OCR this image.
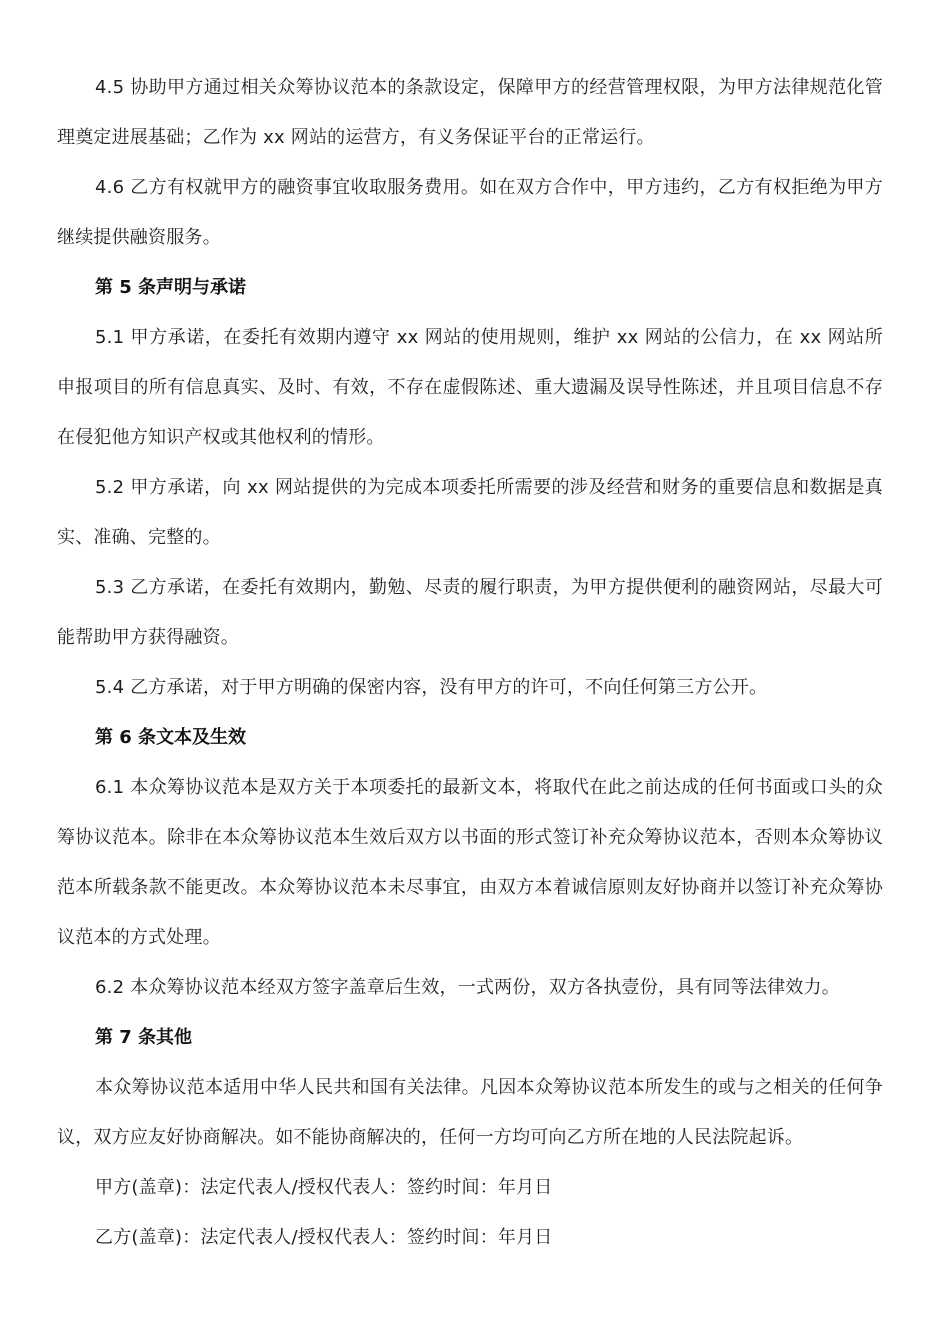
4.5 协助甲方通过相关众筹协议范本的条款设定，保障甲方的经营管理权限，为甲方法律规范化管理奠定进展基础；乙作为 xx 网站的运营方，有义务保证平台的正常运行。

4.6 乙方有权就甲方的融资事宜收取服务费用。如在双方合作中，甲方违约，乙方有权拒绝为甲方继续提供融资服务。

第 5 条声明与承诺

5.1 甲方承诺，在委托有效期内遵守 xx 网站的使用规则，维护 xx 网站的公信力，在 xx 网站所申报项目的所有信息真实、及时、有效，不存在虚假陈述、重大遗漏及误导性陈述，并且项目信息不存在侵犯他方知识产权或其他权利的情形。

5.2 甲方承诺，向 xx 网站提供的为完成本项委托所需要的涉及经营和财务的重要信息和数据是真实、准确、完整的。

5.3 乙方承诺，在委托有效期内，勤勉、尽责的履行职责，为甲方提供便利的融资网站，尽最大可能帮助甲方获得融资。

5.4 乙方承诺，对于甲方明确的保密内容，没有甲方的许可，不向任何第三方公开。

第 6 条文本及生效

6.1 本众筹协议范本是双方关于本项委托的最新文本，将取代在此之前达成的任何书面或口头的众筹协议范本。除非在本众筹协议范本生效后双方以书面的形式签订补充众筹协议范本，否则本众筹协议范本所载条款不能更改。本众筹协议范本未尽事宜，由双方本着诚信原则友好协商并以签订补充众筹协议范本的方式处理。

6.2 本众筹协议范本经双方签字盖章后生效，一式两份，双方各执壹份，具有同等法律效力。

第 7 条其他

本众筹协议范本适用中华人民共和国有关法律。凡因本众筹协议范本所发生的或与之相关的任何争议，双方应友好协商解决。如不能协商解决的，任何一方均可向乙方所在地的人民法院起诉。

甲方(盖章)：法定代表人/授权代表人：签约时间：年月日

乙方(盖章)：法定代表人/授权代表人：签约时间：年月日
